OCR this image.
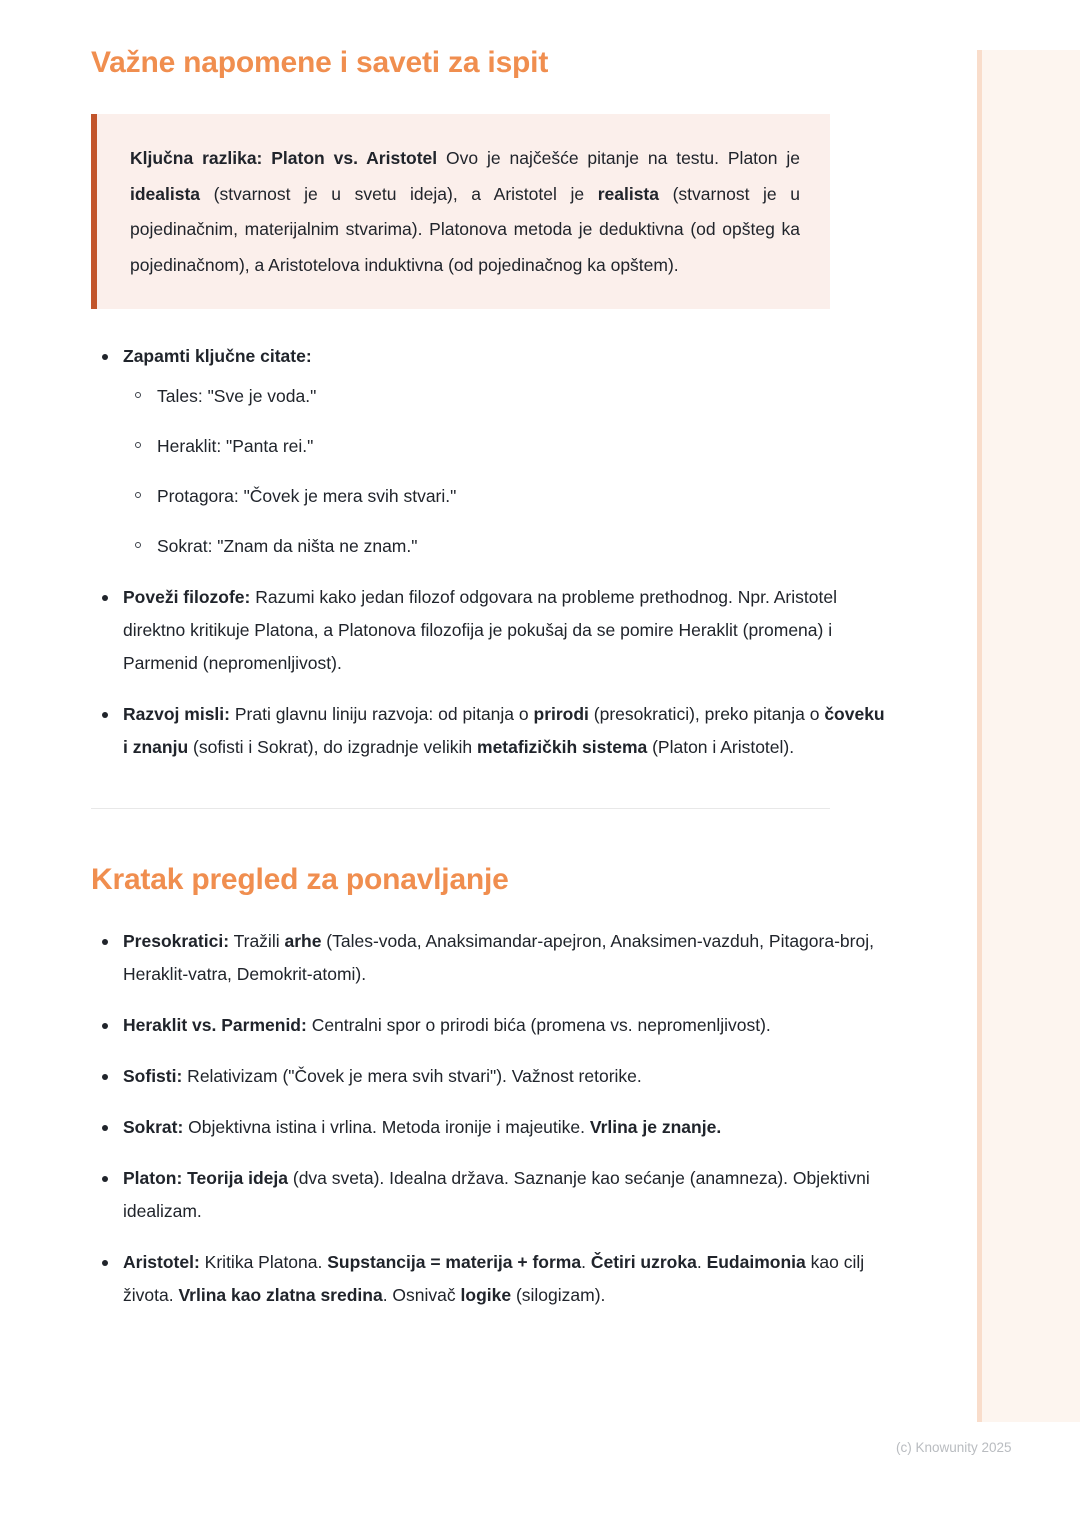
Važne napomene i saveti za ispit

Ključna razlika: Platon vs. Aristotel Ovo je najčešće pitanje na testu. Platon je idealista (stvarnost je u svetu ideja), a Aristotel je realista (stvarnost je u pojedinačnim, materijalnim stvarima). Platonova metoda je deduktivna (od opšteg ka pojedinačnom), a Aristotelova induktivna (od pojedinačnog ka opštem).

Zapamti ključne citate:
Tales: "Sve je voda."
Heraklit: "Panta rei."
Protagora: "Čovek je mera svih stvari."
Sokrat: "Znam da ništa ne znam."
Poveži filozofe: Razumi kako jedan filozof odgovara na probleme prethodnog. Npr. Aristotel direktno kritikuje Platona, a Platonova filozofija je pokušaj da se pomire Heraklit (promena) i Parmenid (nepromenljivost).
Razvoj misli: Prati glavnu liniju razvoja: od pitanja o prirodi (presokratici), preko pitanja o čoveku i znanju (sofisti i Sokrat), do izgradnje velikih metafizičkih sistema (Platon i Aristotel).
Kratak pregled za ponavljanje
Presokratici: Tražili arhe (Tales-voda, Anaksimandar-apejron, Anaksimen-vazduh, Pitagora-broj, Heraklit-vatra, Demokrit-atomi).
Heraklit vs. Parmenid: Centralni spor o prirodi bića (promena vs. nepromenljivost).
Sofisti: Relativizam ("Čovek je mera svih stvari"). Važnost retorike.
Sokrat: Objektivna istina i vrlina. Metoda ironije i majeutike. Vrlina je znanje.
Platon: Teorija ideja (dva sveta). Idealna država. Saznanje kao sećanje (anamneza). Objektivni idealizam.
Aristotel: Kritika Platona. Supstancija = materija + forma. Četiri uzroka. Eudaimonia kao cilj života. Vrlina kao zlatna sredina. Osnivač logike (silogizam).
(c) Knowunity 2025
